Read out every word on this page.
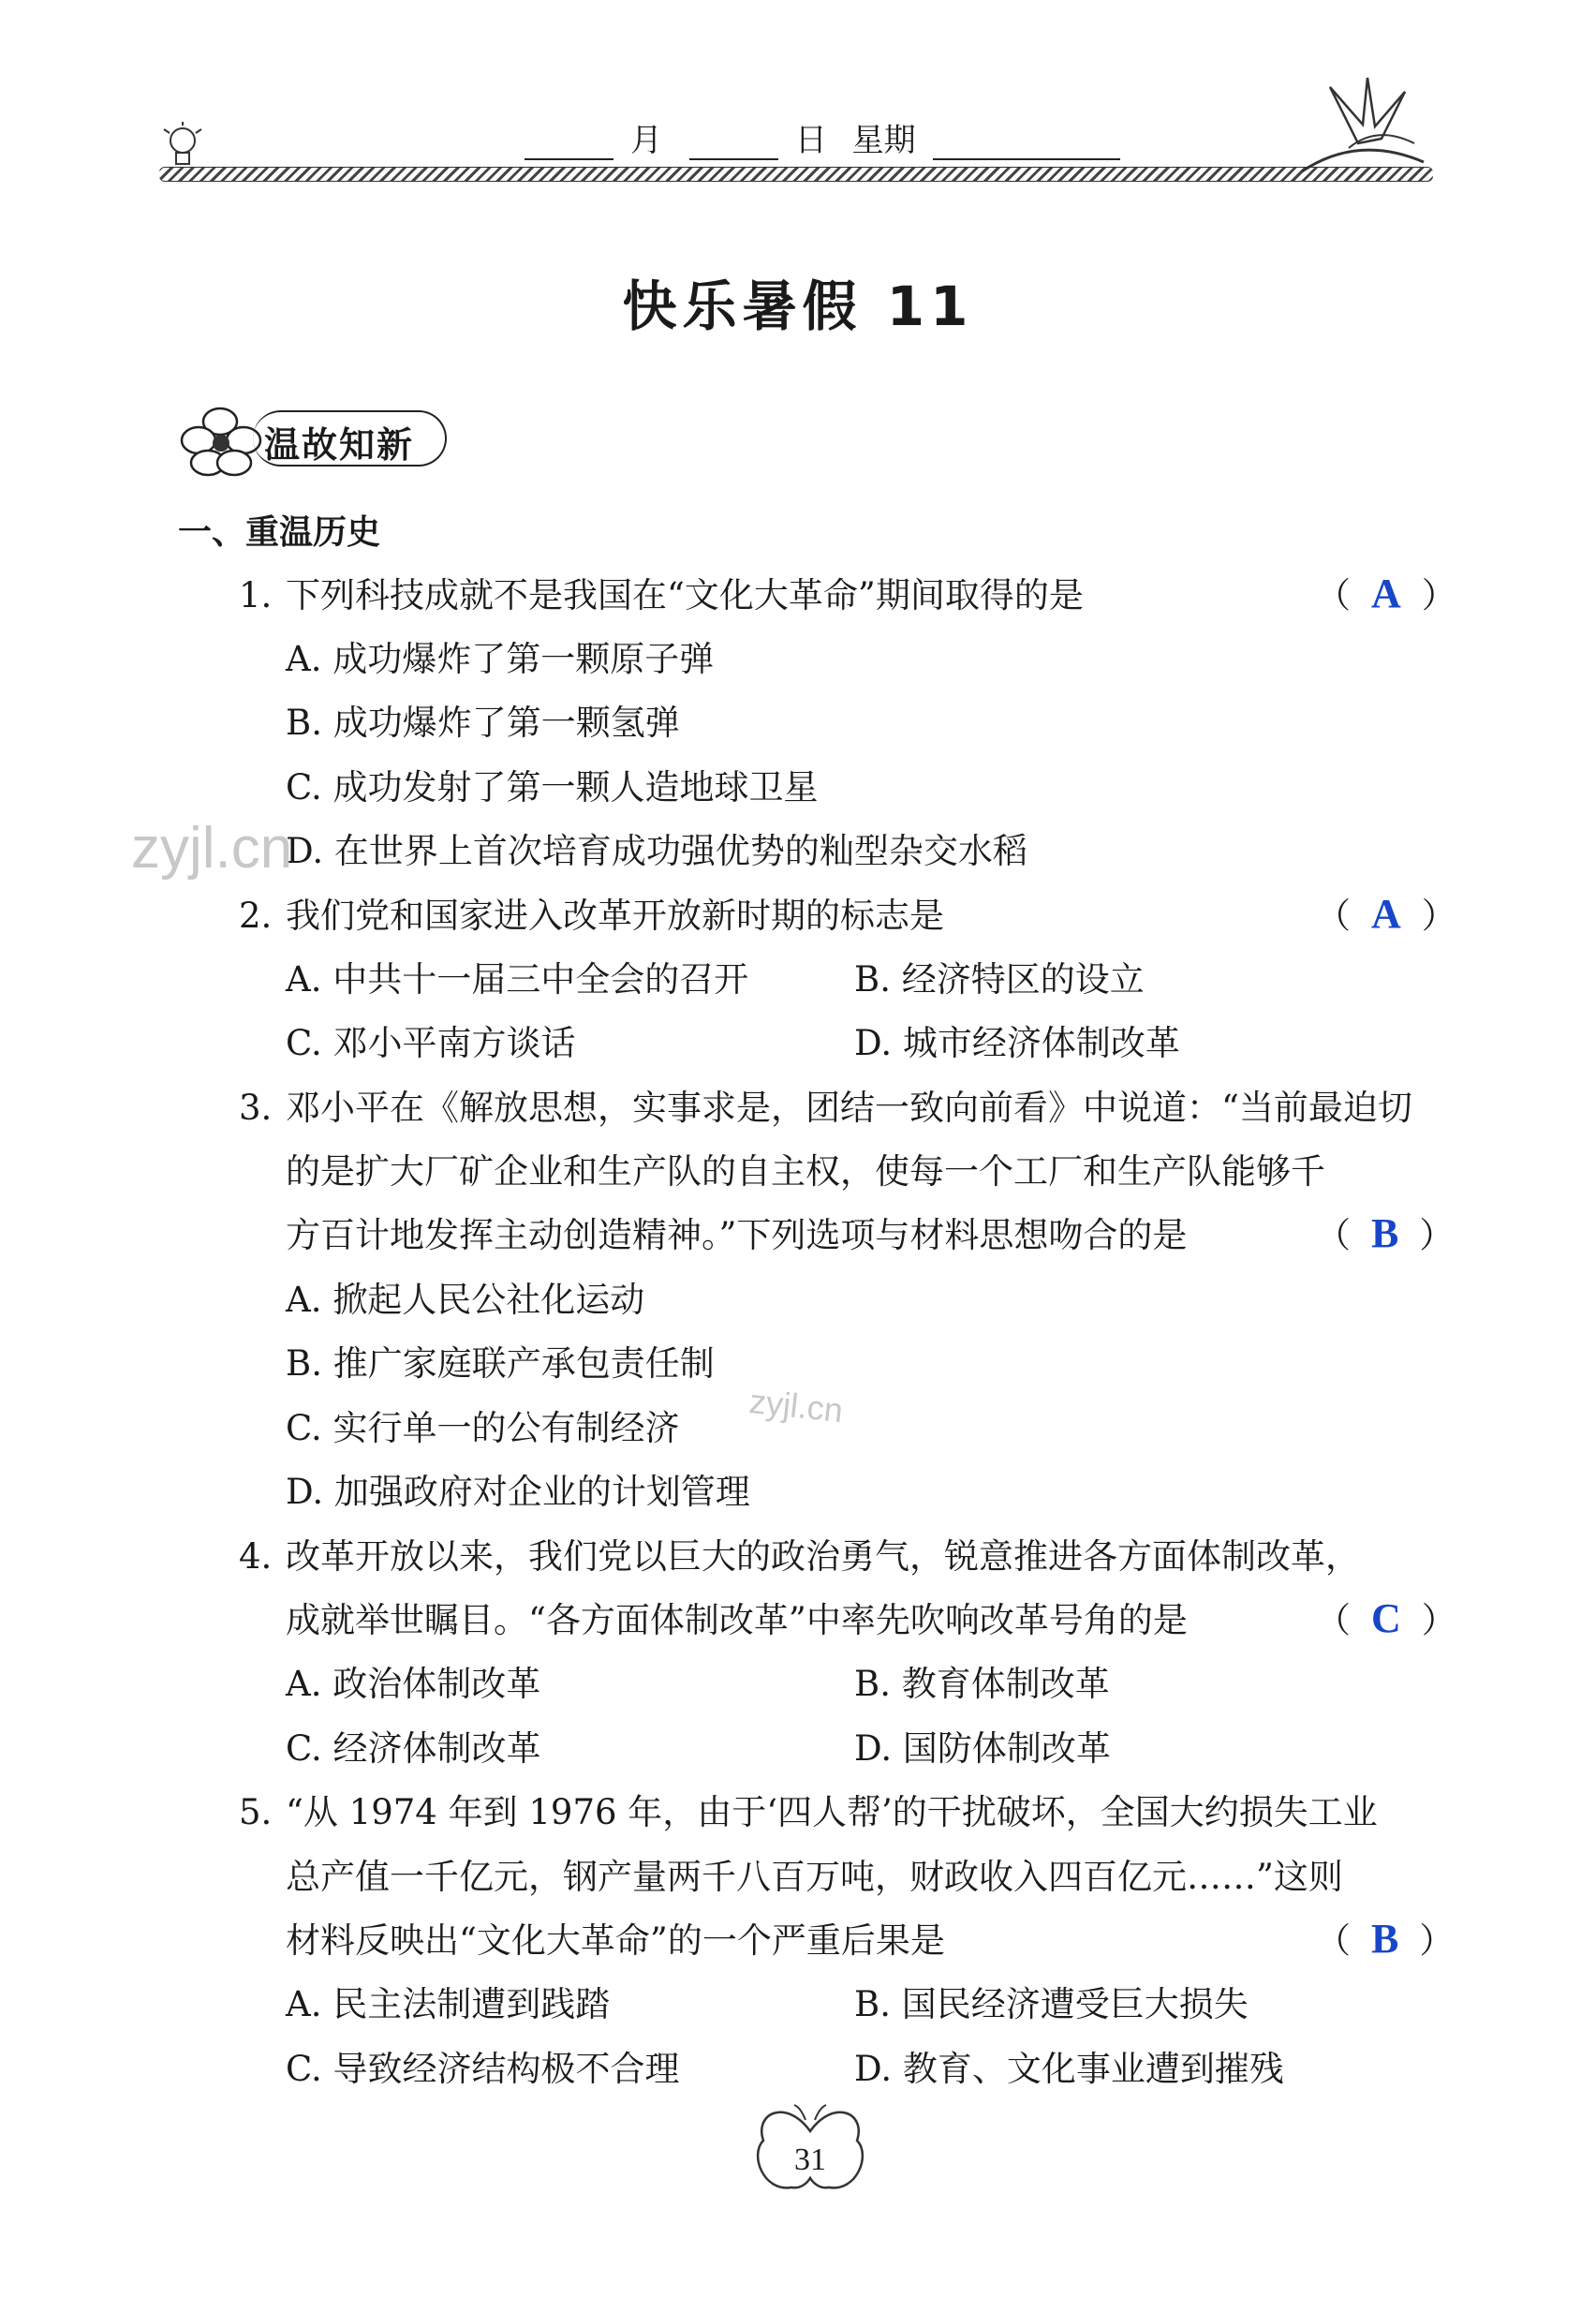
月	日 星期
快乐暑假 11
温故知新
一、重温历史
1. 下列科技成就不是我国在“文化大革命”期间取得的是	（ A ）
A. 成功爆炸了第一颗原子弹
B. 成功爆炸了第一颗氢弹
C. 成功发射了第一颗人造地球卫星
D. 在世界上首次培育成功强优势的籼型杂交水稻
2. 我们党和国家进入改革开放新时期的标志是	（ A ）
A. 中共十一届三中全会的召开	B. 经济特区的设立
C. 邓小平南方谈话	D. 城市经济体制改革
3. 邓小平在《解放思想，实事求是，团结一致向前看》中说道：“当前最迫切
的是扩大厂矿企业和生产队的自主权，使每一个工厂和生产队能够千
方百计地发挥主动创造精神。”下列选项与材料思想吻合的是	（ B ）
A. 掀起人民公社化运动
B. 推广家庭联产承包责任制
C. 实行单一的公有制经济
D. 加强政府对企业的计划管理
4. 改革开放以来，我们党以巨大的政治勇气，锐意推进各方面体制改革，
成就举世瞩目。“各方面体制改革”中率先吹响改革号角的是	（ C ）
A. 政治体制改革	B. 教育体制改革
C. 经济体制改革	D. 国防体制改革
5. “从 1974 年到 1976 年，由于‘四人帮’的干扰破坏，全国大约损失工业
总产值一千亿元，钢产量两千八百万吨，财政收入四百亿元……”这则
材料反映出“文化大革命”的一个严重后果是	（ B ）
A. 民主法制遭到践踏	B. 国民经济遭受巨大损失
C. 导致经济结构极不合理	D. 教育、文化事业遭到摧残
zyjl.cn
zyjl.cn
31
